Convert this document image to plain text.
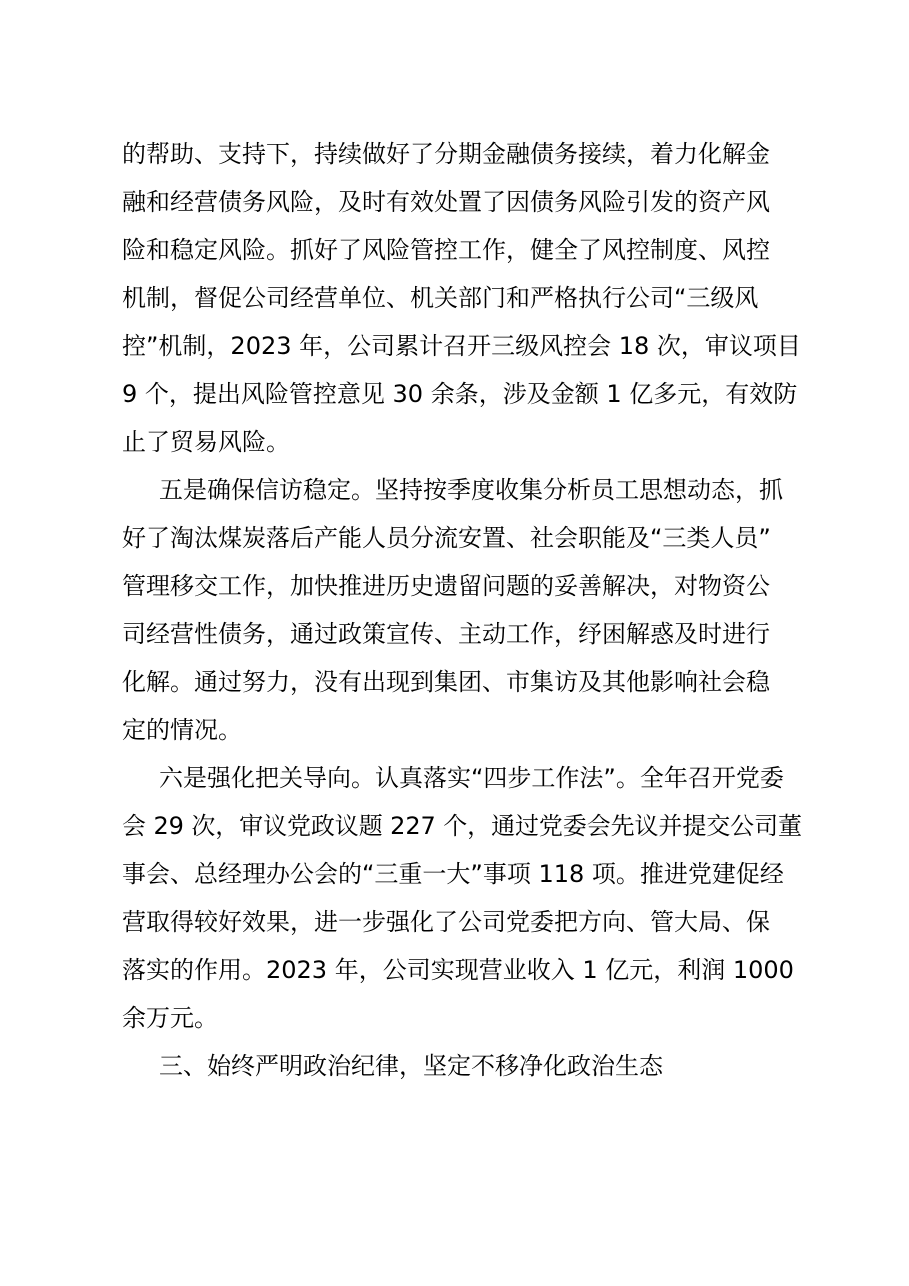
的帮助、支持下，持续做好了分期金融债务接续，着力化解金
融和经营债务风险，及时有效处置了因债务风险引发的资产风
险和稳定风险。抓好了风险管控工作，健全了风控制度、风控
机制，督促公司经营单位、机关部门和严格执行公司“三级风
控”机制，2023 年，公司累计召开三级风控会 18 次，审议项目
9 个，提出风险管控意见 30 余条，涉及金额 1 亿多元，有效防
止了贸易风险。

五是确保信访稳定。坚持按季度收集分析员工思想动态，抓
好了淘汰煤炭落后产能人员分流安置、社会职能及“三类人员”
管理移交工作，加快推进历史遗留问题的妥善解决，对物资公
司经营性债务，通过政策宣传、主动工作，纾困解惑及时进行
化解。通过努力，没有出现到集团、市集访及其他影响社会稳
定的情况。

六是强化把关导向。认真落实“四步工作法”。全年召开党委
会 29 次，审议党政议题 227 个，通过党委会先议并提交公司董
事会、总经理办公会的“三重一大”事项 118 项。推进党建促经
营取得较好效果，进一步强化了公司党委把方向、管大局、保
落实的作用。2023 年，公司实现营业收入 1 亿元，利润 1000
余万元。

三、始终严明政治纪律，坚定不移净化政治生态
